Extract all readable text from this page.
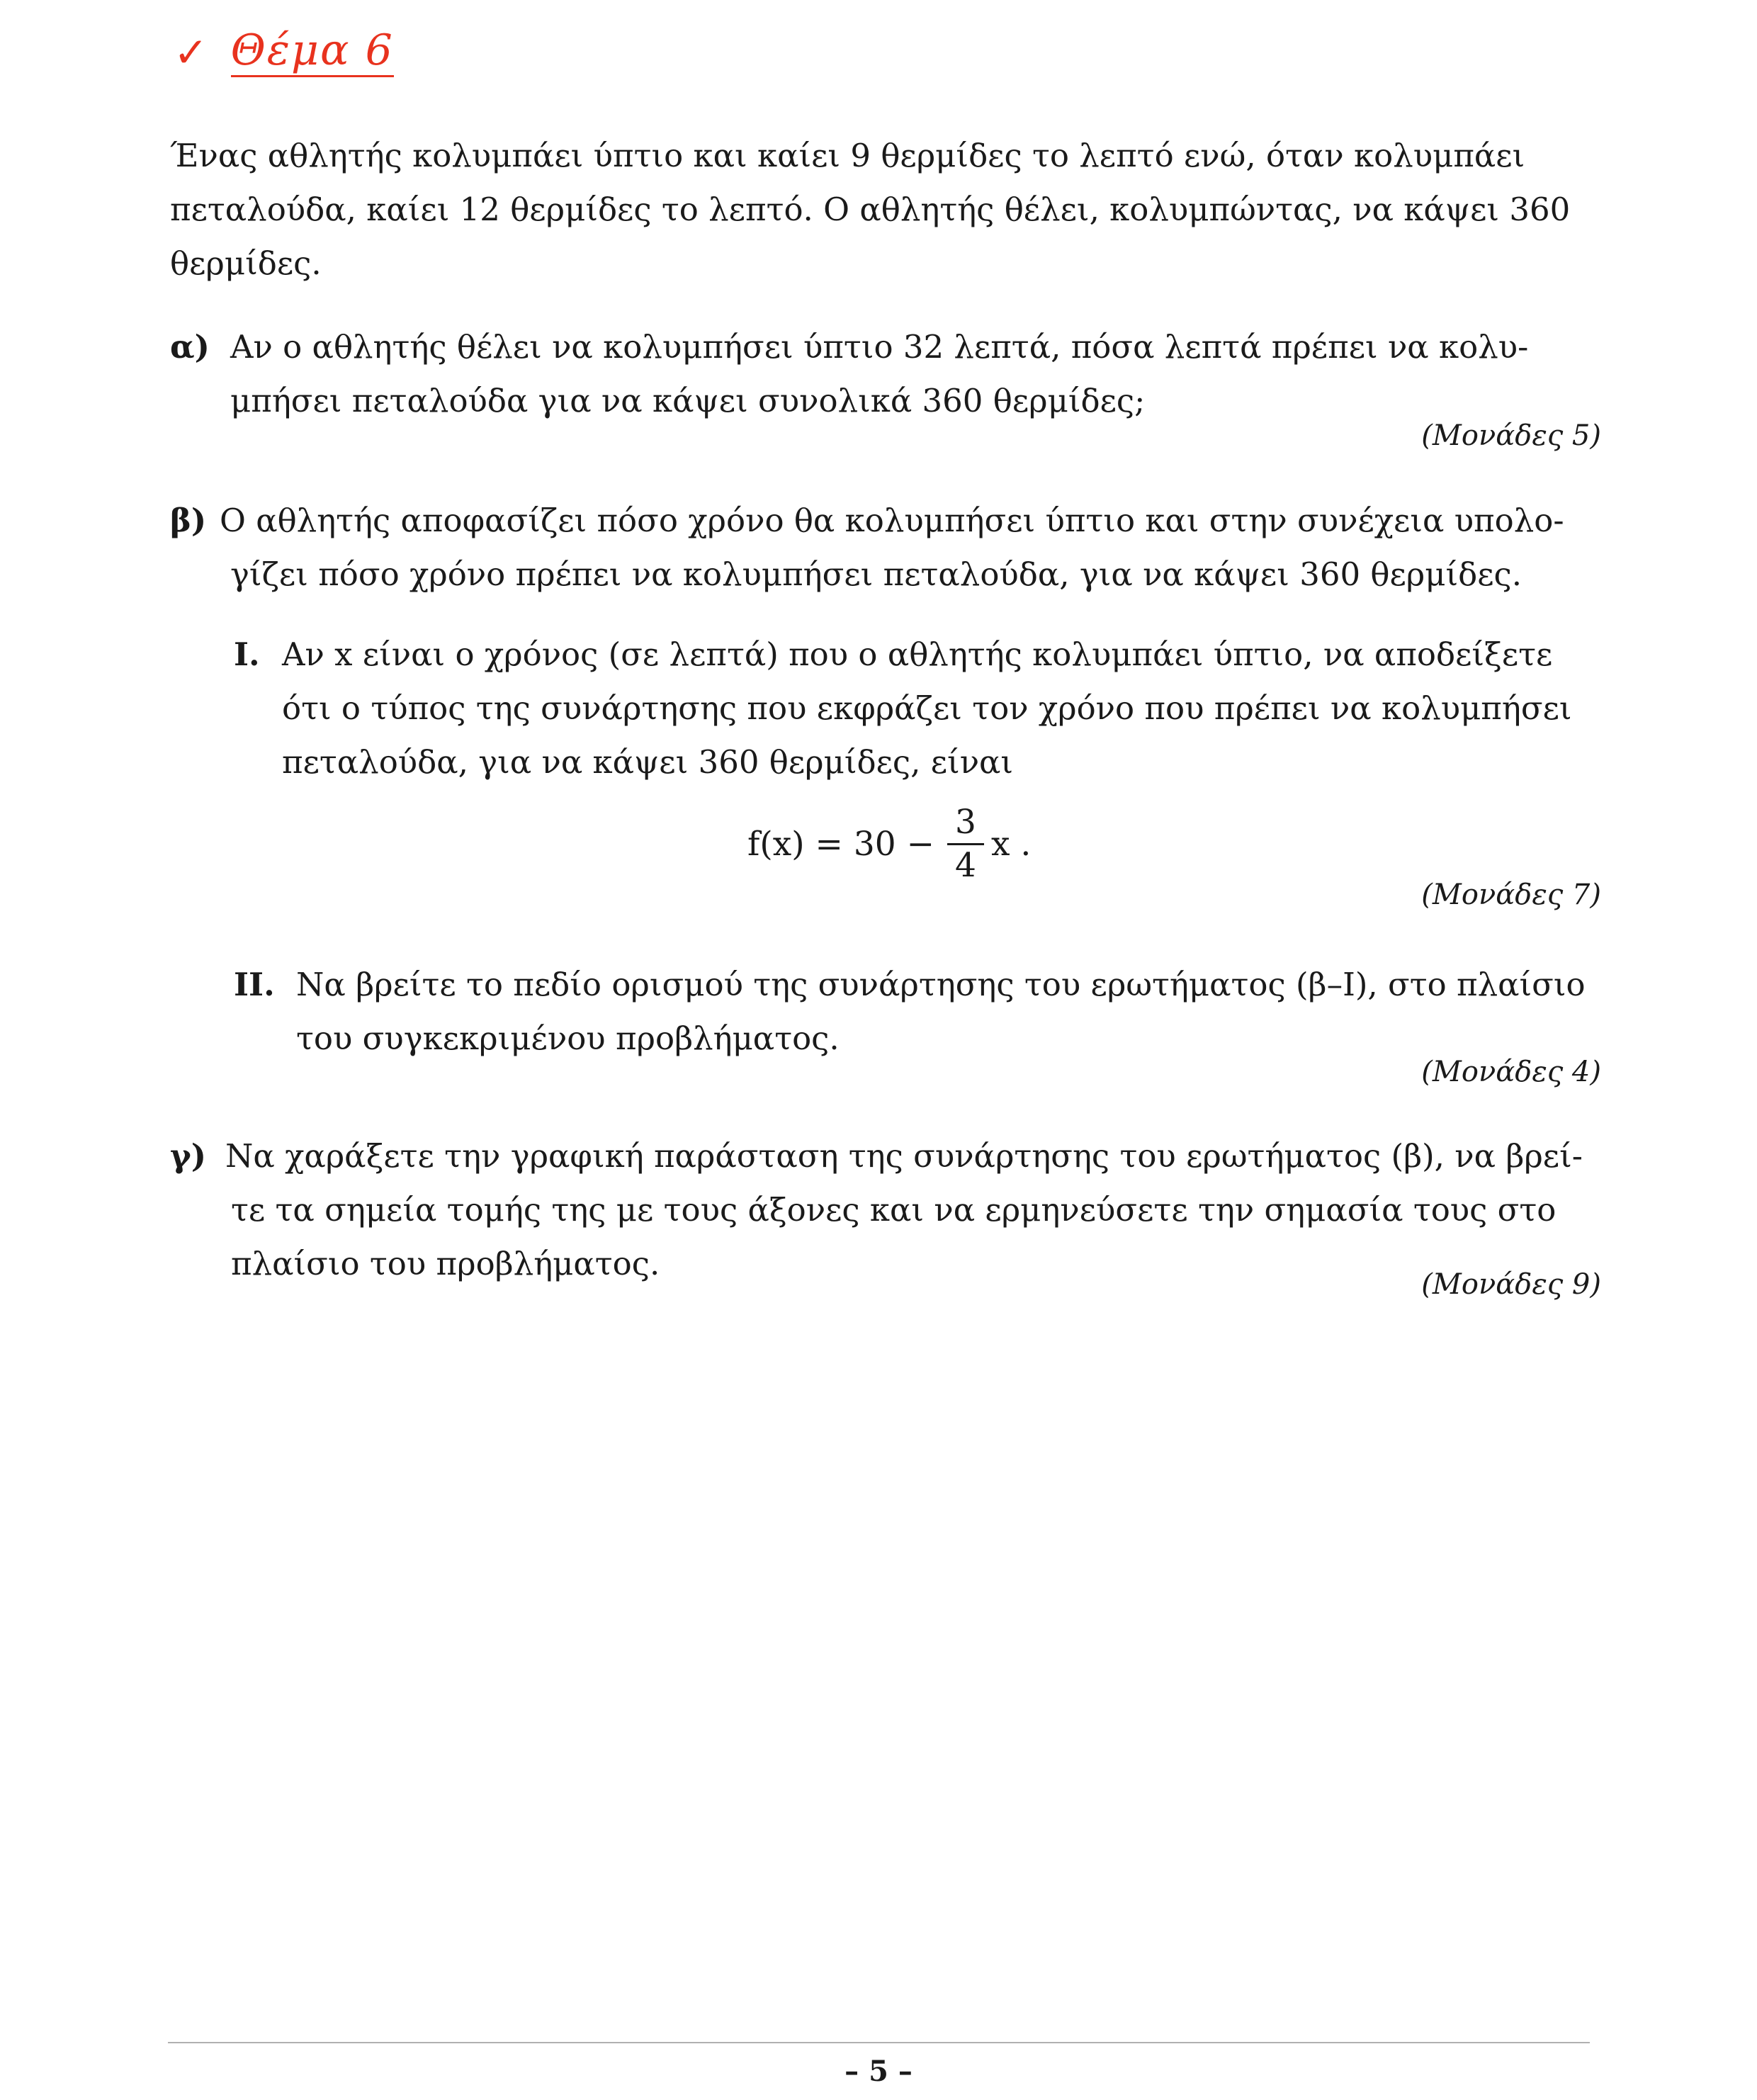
✓ Θέμα 6
Ένας αθλητής κολυμπάει ύπτιο και καίει 9 θερμίδες το λεπτό ενώ, όταν κολυμπάει
πεταλούδα, καίει 12 θερμίδες το λεπτό. Ο αθλητής θέλει, κολυμπώντας, να κάψει 360
θερμίδες.
α) Αν ο αθλητής θέλει να κολυμπήσει ύπτιο 32 λεπτά, πόσα λεπτά πρέπει να κολυ-
μπήσει πεταλούδα για να κάψει συνολικά 360 θερμίδες;
(Μονάδες 5)
β) Ο αθλητής αποφασίζει πόσο χρόνο θα κολυμπήσει ύπτιο και στην συνέχεια υπολο-
γίζει πόσο χρόνο πρέπει να κολυμπήσει πεταλούδα, για να κάψει 360 θερμίδες.
I. Αν x είναι ο χρόνος (σε λεπτά) που ο αθλητής κολυμπάει ύπτιο, να αποδείξετε
ότι ο τύπος της συνάρτησης που εκφράζει τον χρόνο που πρέπει να κολυμπήσει
πεταλούδα, για να κάψει 360 θερμίδες, είναι
$f(x) = 30 - \frac{3}{4}$ x .
(Μονάδες 7)
II. Να βρείτε το πεδίο ορισμού της συνάρτησης του ερωτήματος (β–I), στο πλαίσιο
του συγκεκριμένου προβλήματος.
(Μονάδες 4)
γ) Να χαράξετε την γραφική παράσταση της συνάρτησης του ερωτήματος (β), να βρεί-
τε τα σημεία τομής της με τους άξονες και να ερμηνεύσετε την σημασία τους στο
πλαίσιο του προβλήματος.
(Μονάδες 9)
– 5 –
